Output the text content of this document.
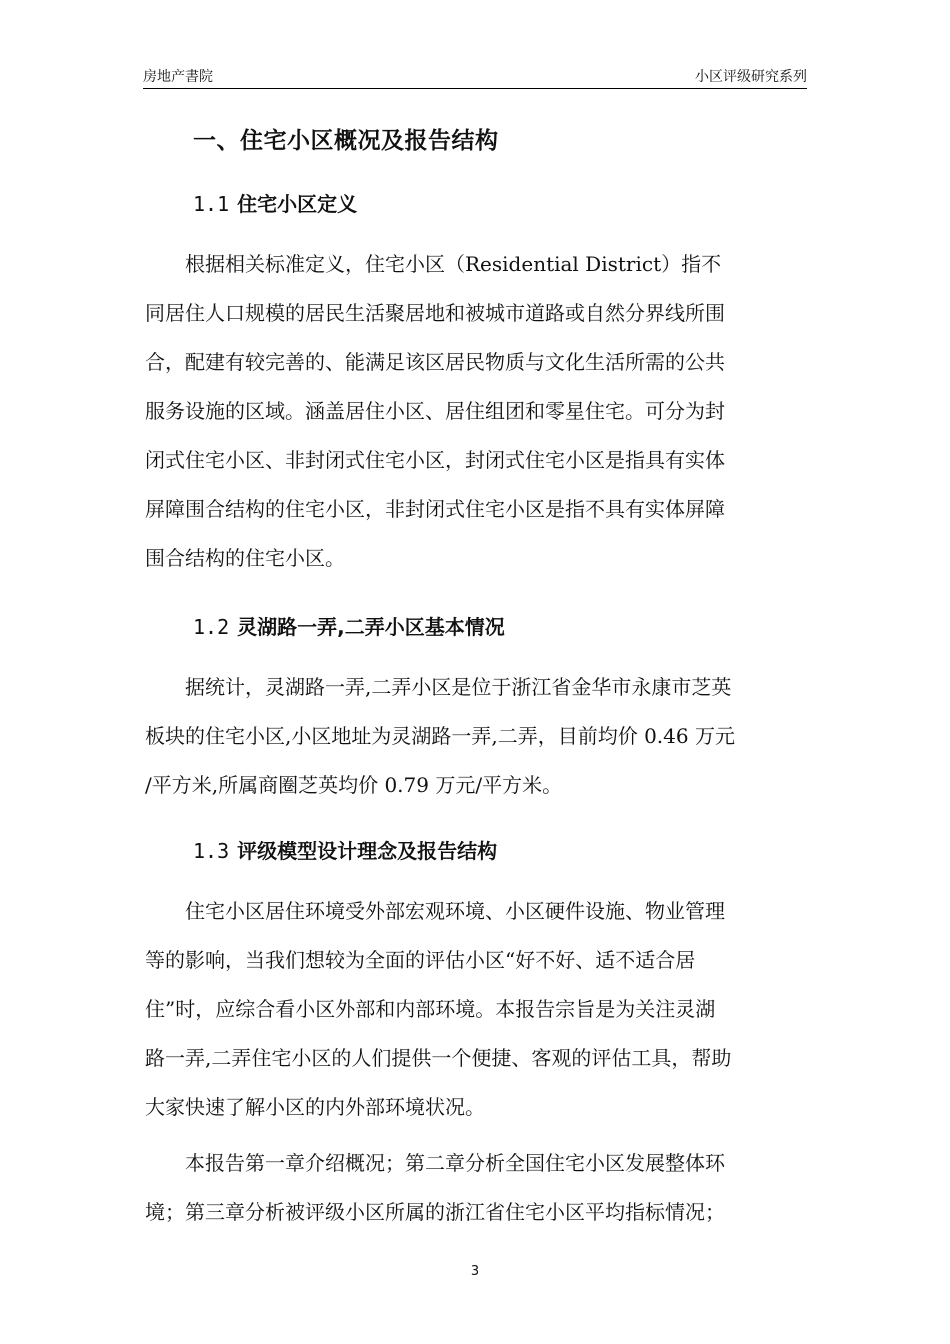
房地产書院	小区评级研究系列
一、住宅小区概况及报告结构
1.1 住宅小区定义
　　根据相关标准定义，住宅小区（Residential District）指不
同居住人口规模的居民生活聚居地和被城市道路或自然分界线所围
合，配建有较完善的、能满足该区居民物质与文化生活所需的公共
服务设施的区域。涵盖居住小区、居住组团和零星住宅。可分为封
闭式住宅小区、非封闭式住宅小区，封闭式住宅小区是指具有实体
屏障围合结构的住宅小区，非封闭式住宅小区是指不具有实体屏障
围合结构的住宅小区。
1.2 灵湖路一弄,二弄小区基本情况
　　据统计，灵湖路一弄,二弄小区是位于浙江省金华市永康市芝英
板块的住宅小区,小区地址为灵湖路一弄,二弄，目前均价 0.46 万元
/平方米,所属商圈芝英均价 0.79 万元/平方米。
1.3 评级模型设计理念及报告结构
　　住宅小区居住环境受外部宏观环境、小区硬件设施、物业管理
等的影响，当我们想较为全面的评估小区“好不好、适不适合居
住”时，应综合看小区外部和内部环境。本报告宗旨是为关注灵湖
路一弄,二弄住宅小区的人们提供一个便捷、客观的评估工具，帮助
大家快速了解小区的内外部环境状况。
　　本报告第一章介绍概况；第二章分析全国住宅小区发展整体环
境；第三章分析被评级小区所属的浙江省住宅小区平均指标情况；
3
